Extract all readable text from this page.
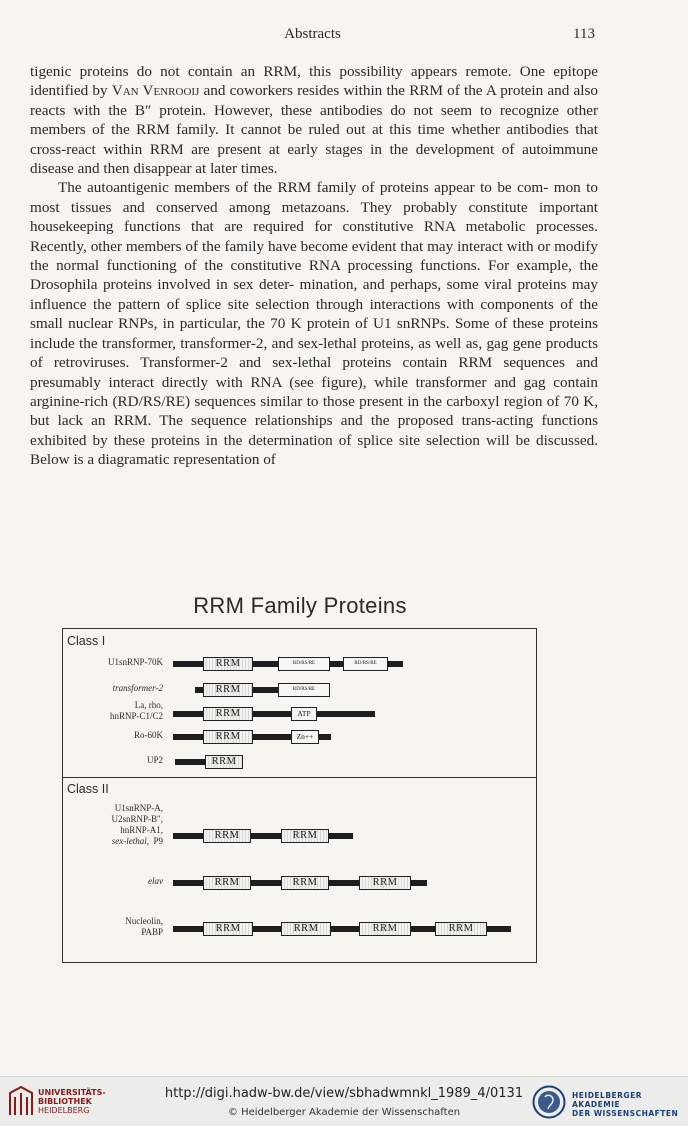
Abstracts	113

tigenic proteins do not contain an RRM, this possibility appears remote. One epitope identified by Van Venrooij and coworkers resides within the RRM of the A protein and also reacts with the B″ protein. However, these antibodies do not seem to recognize other members of the RRM family. It cannot be ruled out at this time whether antibodies that cross-react within RRM are present at early stages in the development of autoimmune disease and then disappear at later times.

The autoantigenic members of the RRM family of proteins appear to be com- mon to most tissues and conserved among metazoans. They probably constitute important housekeeping functions that are required for constitutive RNA metabolic processes. Recently, other members of the family have become evident that may interact with or modify the normal functioning of the constitutive RNA processing functions. For example, the Drosophila proteins involved in sex deter- mination, and perhaps, some viral proteins may influence the pattern of splice site selection through interactions with components of the small nuclear RNPs, in particular, the 70 K protein of U1 snRNPs. Some of these proteins include the transformer, transformer-2, and sex-lethal proteins, as well as, gag gene products of retroviruses. Transformer-2 and sex-lethal proteins contain RRM sequences and presumably interact directly with RNA (see figure), while transformer and gag contain arginine-rich (RD/RS/RE) sequences similar to those present in the carboxyl region of 70 K, but lack an RRM. The sequence relationships and the proposed trans-acting functions exhibited by these proteins in the determination of splice site selection will be discussed. Below is a diagramatic representation of

RRM Family Proteins
Class I
Class II
U1snRNP-70K	RRM	RD/RS/RE	RD/RS/RE
transformer-2	RRM	RD/RS/RE
La, rho,
hnRNP-C1/C2	RRM	ATP
Ro-60K	RRM	Zn++
UP2	RRM
U1snRNP-A,
U2snRNP-B″,
hnRNP-A1,
sex-lethal, P9	RRM	RRM
elav	RRM	RRM	RRM
Nucleolin,
PABP	RRM	RRM	RRM	RRM
UNIVERSITÄTS-
BIBLIOTHEK
HEIDELBERG
http://digi.hadw-bw.de/view/sbhadwmnkl_1989_4/0131
© Heidelberger Akademie der Wissenschaften
HEIDELBERGER AKADEMIE
DER WISSENSCHAFTEN
